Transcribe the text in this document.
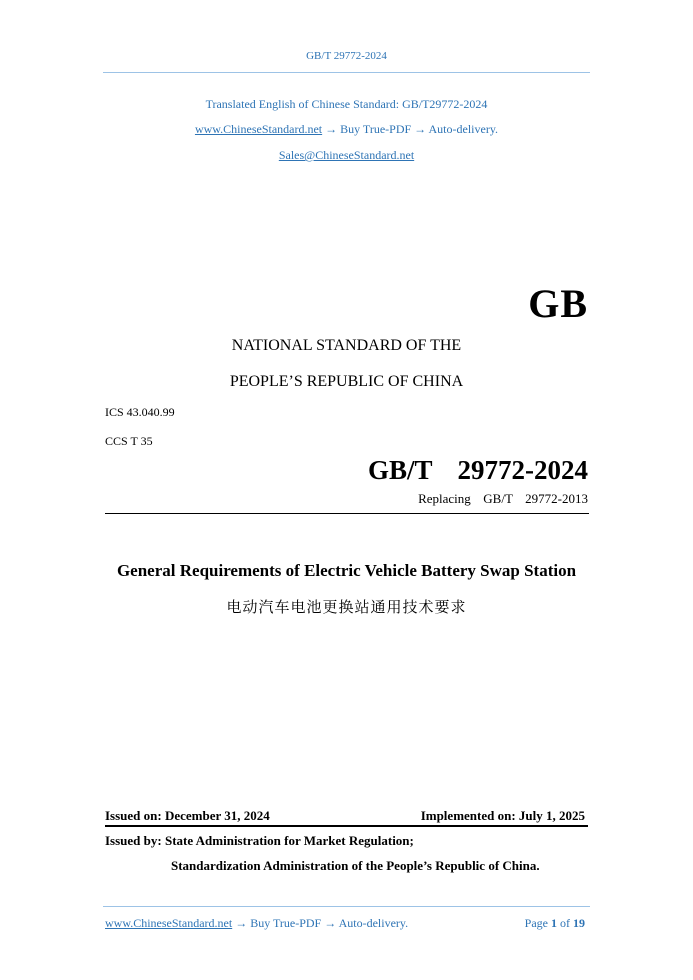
GB/T 29772-2024
Translated English of Chinese Standard: GB/T29772-2024
www.ChineseStandard.net → Buy True-PDF → Auto-delivery.
Sales@ChineseStandard.net
GB
NATIONAL STANDARD OF THE
PEOPLE’S REPUBLIC OF CHINA
ICS 43.040.99
CCS T 35
GB/T  29772-2024
Replacing  GB/T  29772-2013
General Requirements of Electric Vehicle Battery Swap Station
电动汽车电池更换站通用技术要求
Issued on: December 31, 2024	Implemented on: July 1, 2025
Issued by: State Administration for Market Regulation;
Standardization Administration of the People’s Republic of China.
www.ChineseStandard.net → Buy True-PDF → Auto-delivery.	Page 1 of 19
